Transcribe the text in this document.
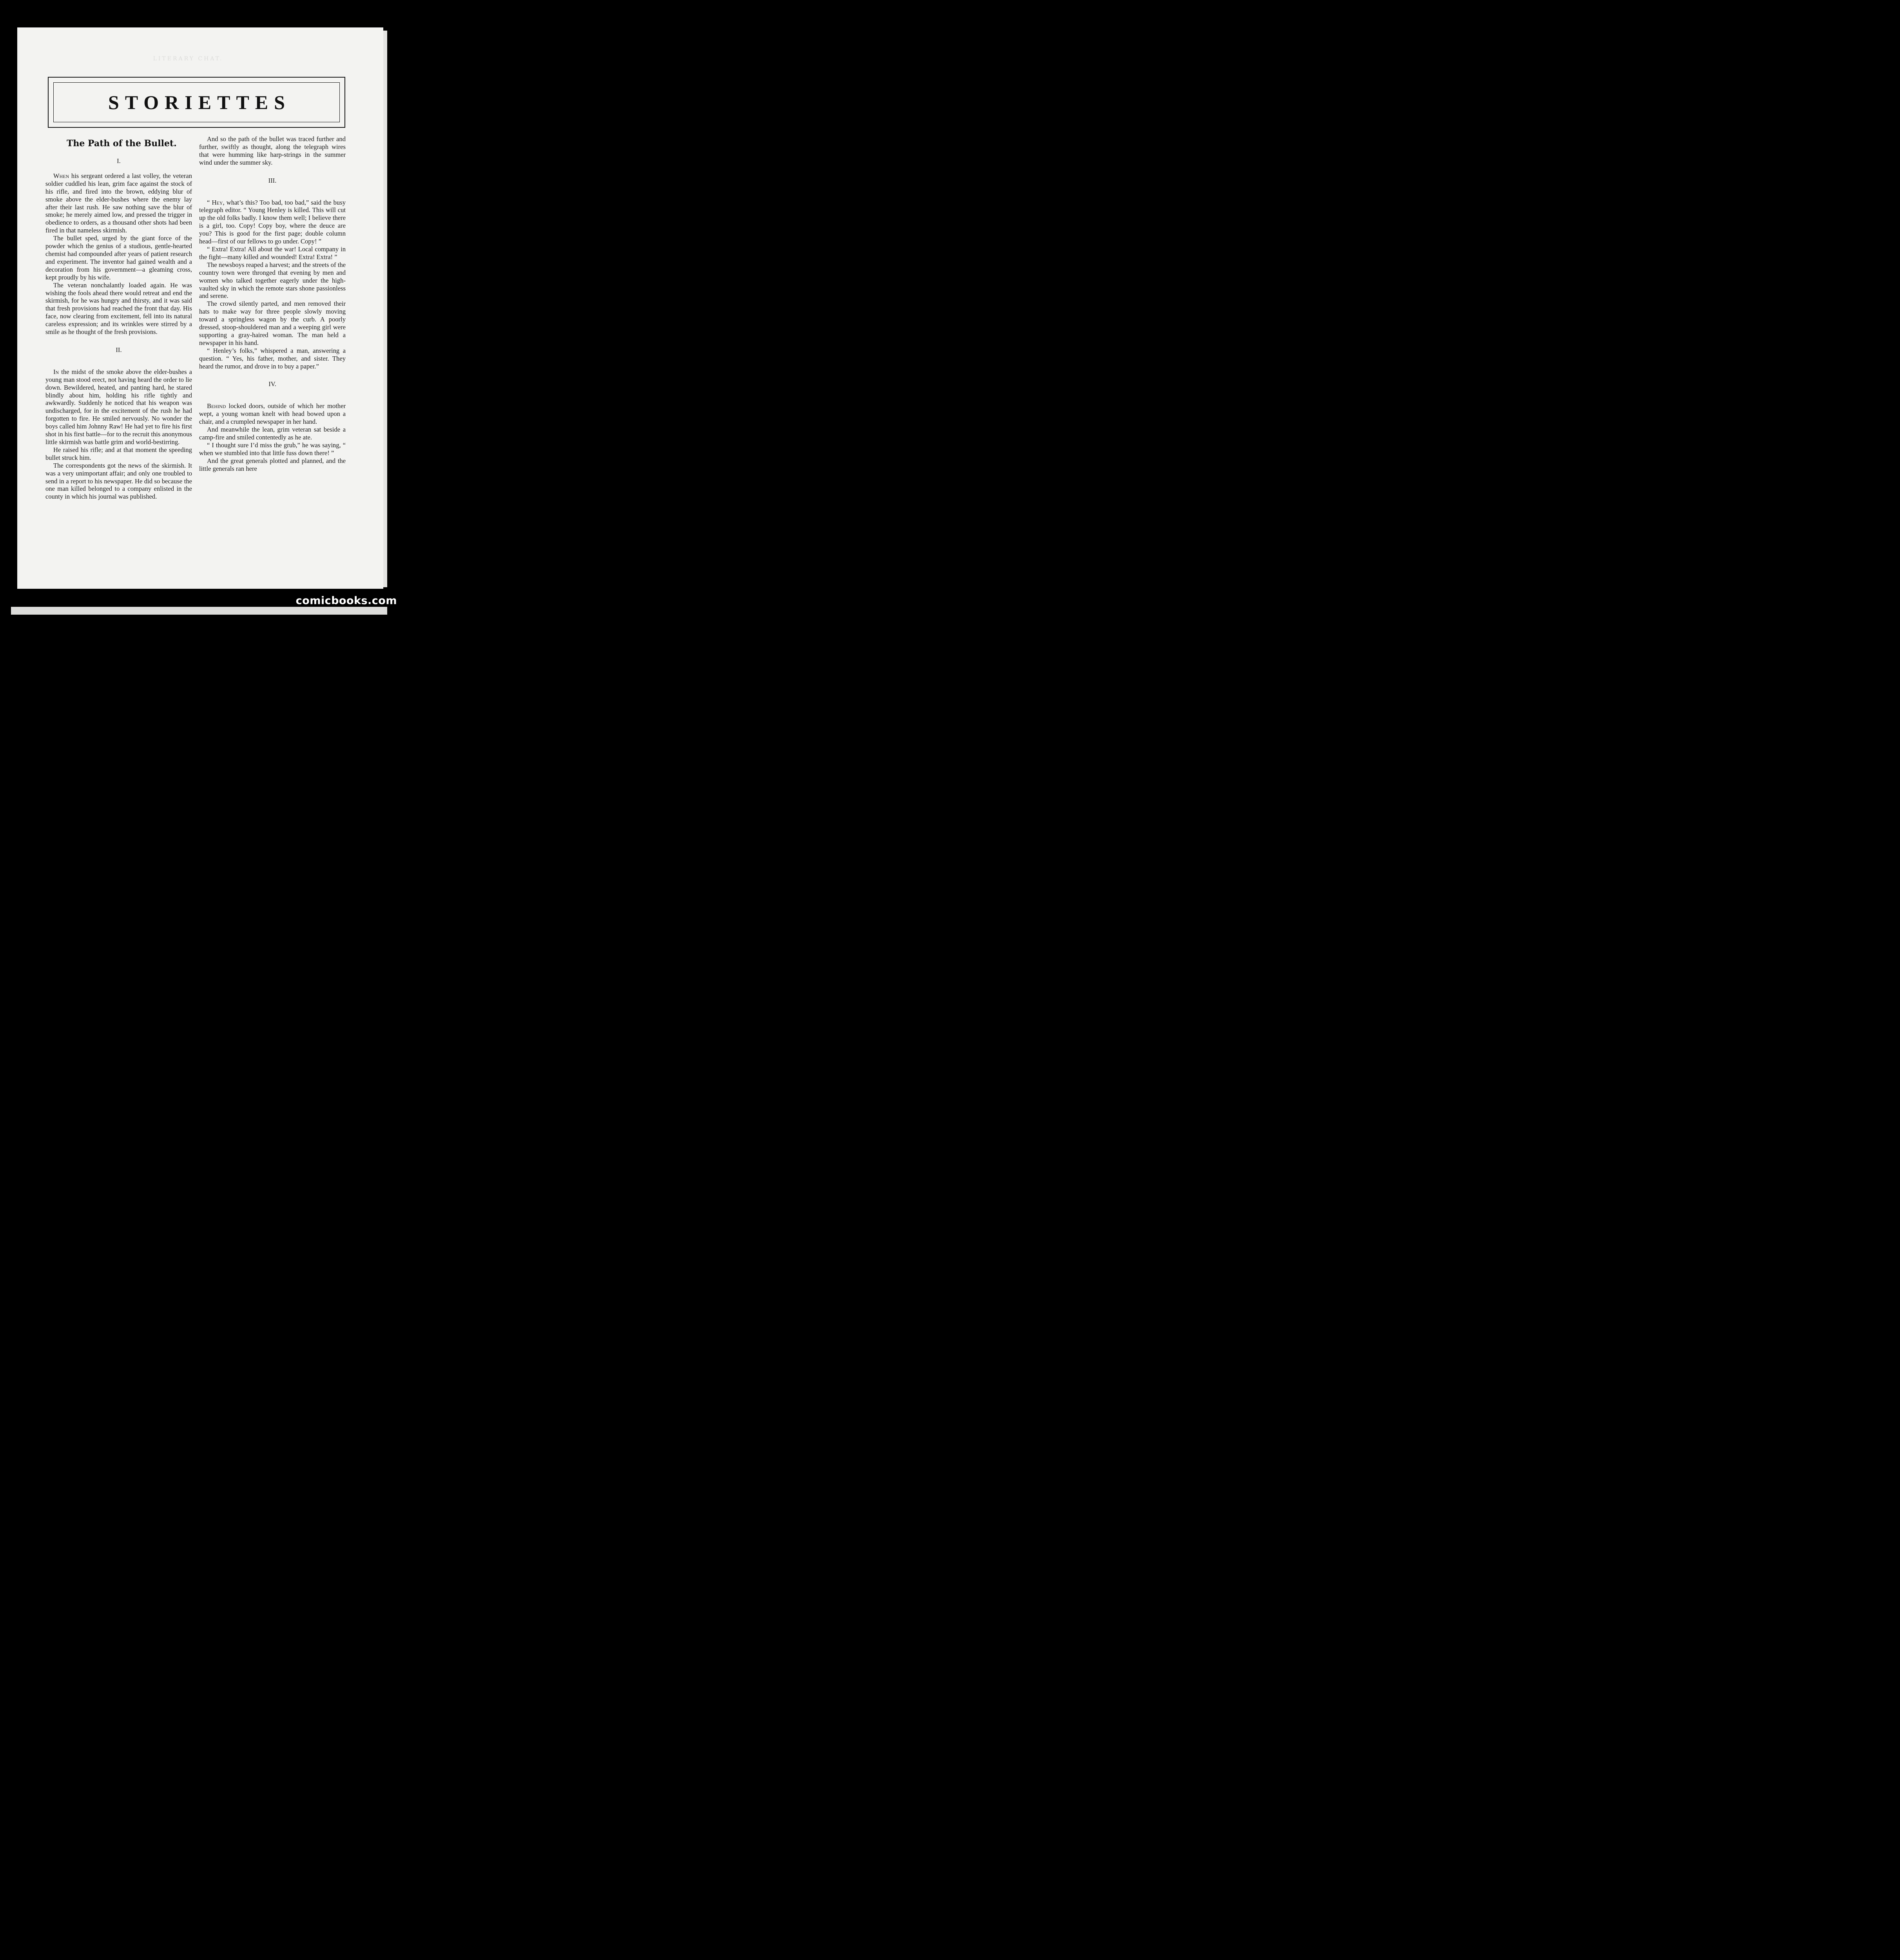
LITERARY CHAT.
STORIETTES
The Path of the Bullet.
I.

When his sergeant ordered a last volley, the veteran soldier cuddled his lean, grim face against the stock of his rifle, and fired into the brown, eddying blur of smoke above the elder-bushes where the enemy lay after their last rush. He saw nothing save the blur of smoke; he merely aimed low, and pressed the trigger in obedience to orders, as a thousand other shots had been fired in that nameless skirmish.

The bullet sped, urged by the giant force of the powder which the genius of a studious, gentle-hearted chemist had compounded after years of patient research and experiment. The inventor had gained wealth and a decoration from his government—a gleaming cross, kept proudly by his wife.

The veteran nonchalantly loaded again. He was wishing the fools ahead there would retreat and end the skirmish, for he was hungry and thirsty, and it was said that fresh provisions had reached the front that day. His face, now clearing from excitement, fell into its natural careless expression; and its wrinkles were stirred by a smile as he thought of the fresh provisions.

II.

In the midst of the smoke above the elder-bushes a young man stood erect, not having heard the order to lie down. Bewildered, heated, and panting hard, he stared blindly about him, holding his rifle tightly and awkwardly. Suddenly he noticed that his weapon was undischarged, for in the excitement of the rush he had forgotten to fire. He smiled nervously. No wonder the boys called him Johnny Raw! He had yet to fire his first shot in his first battle—for to the recruit this anonymous little skirmish was battle grim and world-bestirring.

He raised his rifle; and at that moment the speeding bullet struck him.

The correspondents got the news of the skirmish. It was a very unimportant affair; and only one troubled to send in a report to his newspaper. He did so because the one man killed belonged to a company enlisted in the county in which his journal was published.

And so the path of the bullet was traced further and further, swiftly as thought, along the telegraph wires that were humming like harp-strings in the summer wind under the summer sky.

III.

“ Hey, what’s this? Too bad, too bad,” said the busy telegraph editor. “ Young Henley is killed. This will cut up the old folks badly. I know them well; I believe there is a girl, too. Copy! Copy boy, where the deuce are you? This is good for the first page; double column head—first of our fellows to go under. Copy! ”

“ Extra! Extra! All about the war! Local company in the fight—many killed and wounded! Extra! Extra! ”

The newsboys reaped a harvest; and the streets of the country town were thronged that evening by men and women who talked together eagerly under the high-vaulted sky in which the remote stars shone passionless and serene.

The crowd silently parted, and men removed their hats to make way for three people slowly moving toward a springless wagon by the curb. A poorly dressed, stoop-shouldered man and a weeping girl were supporting a gray-haired woman. The man held a newspaper in his hand.

“ Henley’s folks,” whispered a man, answering a question. “ Yes, his father, mother, and sister. They heard the rumor, and drove in to buy a paper.”

IV.

Behind locked doors, outside of which her mother wept, a young woman knelt with head bowed upon a chair, and a crumpled newspaper in her hand.

And meanwhile the lean, grim veteran sat beside a camp-fire and smiled contentedly as he ate.

“ I thought sure I’d miss the grub,” he was saying, “ when we stumbled into that little fuss down there! ”

And the great generals plotted and planned, and the little generals ran here

comicbooks.com
